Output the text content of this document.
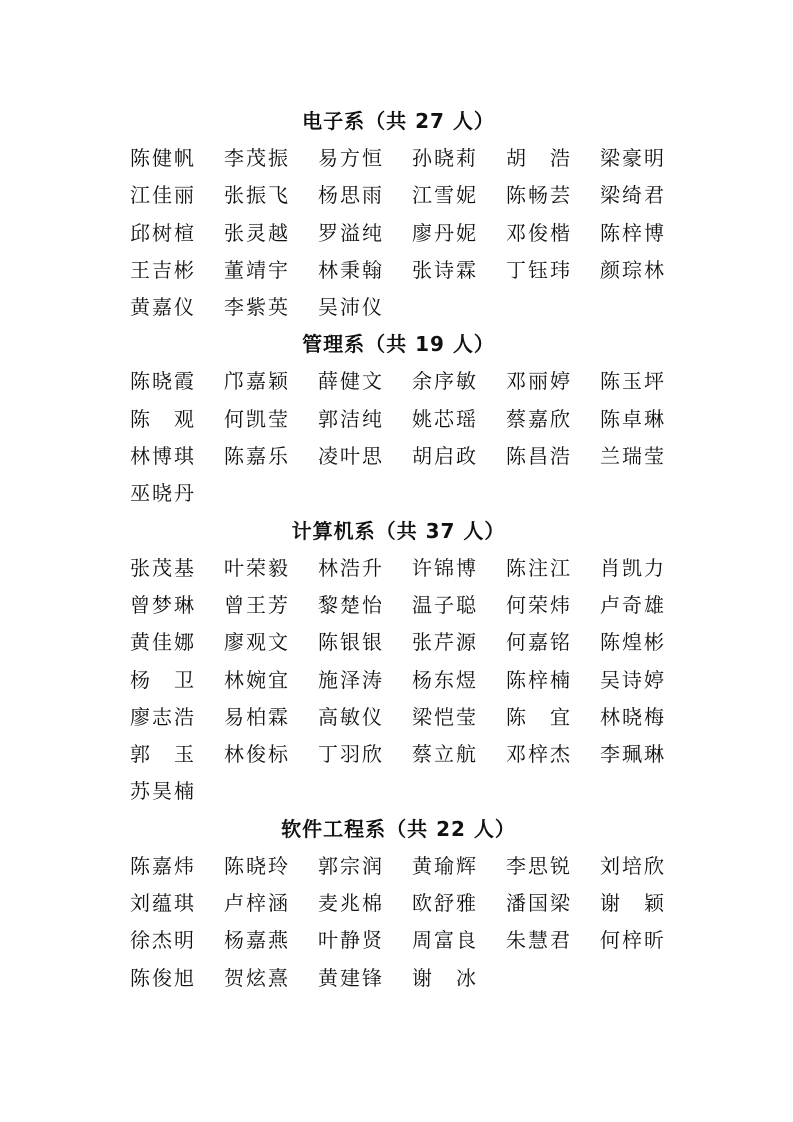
电子系（共 27 人）
陈健帆 李茂振 易方恒 孙晓莉 胡　浩 梁豪明
江佳丽 张振飞 杨思雨 江雪妮 陈畅芸 梁绮君
邱树楦 张灵越 罗溢纯 廖丹妮 邓俊楷 陈梓博
王吉彬 董靖宇 林秉翰 张诗霖 丁钰玮 颜琮林
黄嘉仪 李紫英 吴沛仪
管理系（共 19 人）
陈晓霞 邝嘉颖 薛健文 余序敏 邓丽婷 陈玉坪
陈　观 何凯莹 郭洁纯 姚芯瑶 蔡嘉欣 陈卓琳
林博琪 陈嘉乐 凌叶思 胡启政 陈昌浩 兰瑞莹
巫晓丹
计算机系（共 37 人）
张茂基 叶荣毅 林浩升 许锦博 陈注江 肖凯力
曾梦琳 曾王芳 黎楚怡 温子聪 何荣炜 卢奇雄
黄佳娜 廖观文 陈银银 张芹源 何嘉铭 陈煌彬
杨　卫 林婉宜 施泽涛 杨东煜 陈梓楠 吴诗婷
廖志浩 易柏霖 高敏仪 梁恺莹 陈　宜 林晓梅
郭　玉 林俊标 丁羽欣 蔡立航 邓梓杰 李珮琳
苏昊楠
软件工程系（共 22 人）
陈嘉炜 陈晓玲 郭宗润 黄瑜辉 李思锐 刘培欣
刘蕴琪 卢梓涵 麦兆棉 欧舒雅 潘国梁 谢　颖
徐杰明 杨嘉燕 叶静贤 周富良 朱慧君 何梓昕
陈俊旭 贺炫熹 黄建锋 谢　冰
